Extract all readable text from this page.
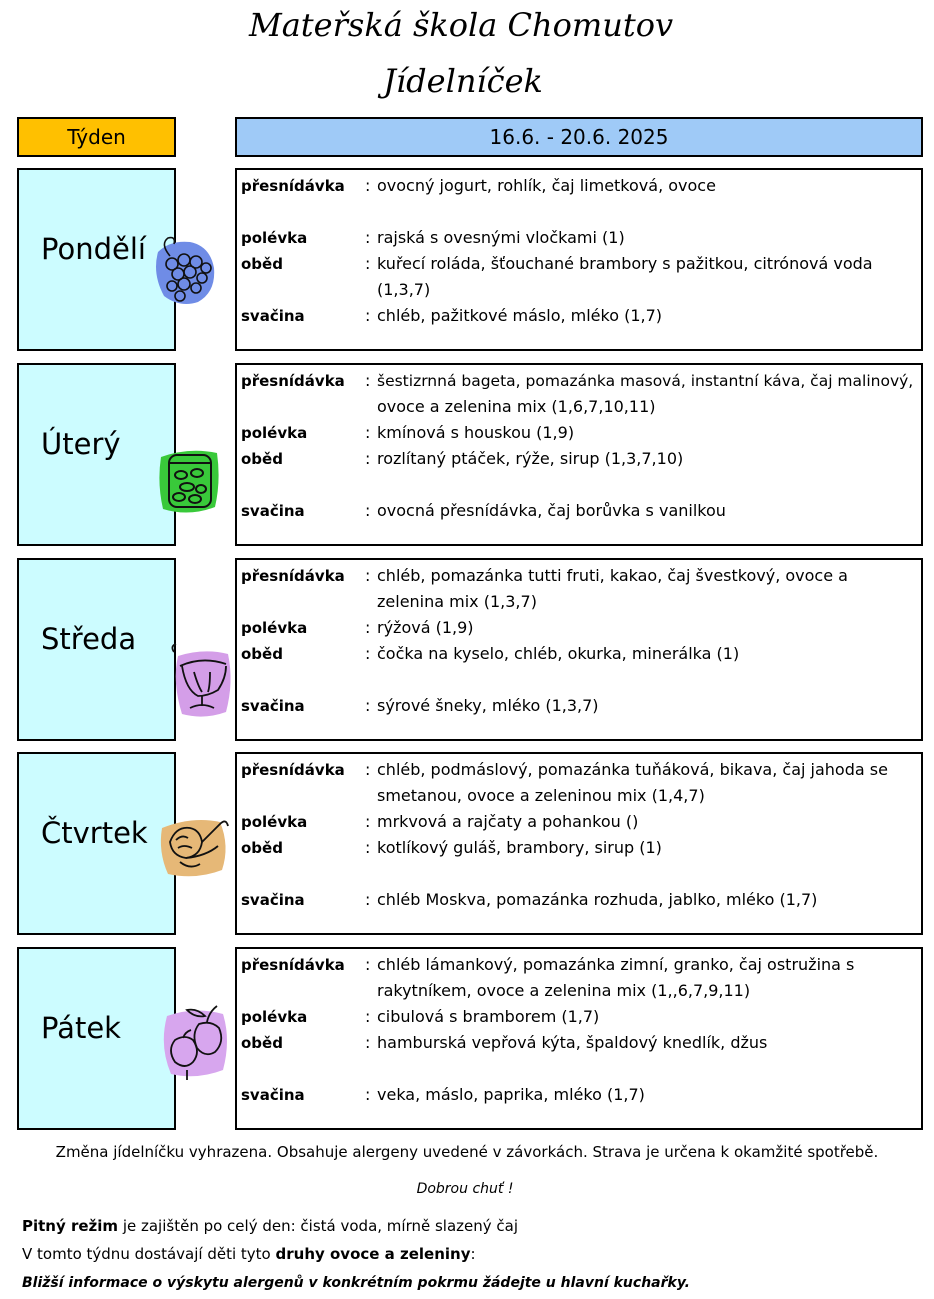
Mateřská škola Chomutov
Jídelníček
Týden	16.6. - 20.6. 2025
Pondělí
přesnídávka : ovocný jogurt, rohlík, čaj limetková, ovoce
polévka	: rajská s ovesnými vločkami (1)
oběd	: kuřecí roláda, šťouchané brambory s pažitkou, citrónová voda
(1,3,7)
svačina	: chléb, pažitkové máslo, mléko (1,7)
Úterý
přesnídávka : šestizrnná bageta, pomazánka masová, instantní káva, čaj malinový,
ovoce a zelenina mix (1,6,7,10,11)
polévka	: kmínová s houskou (1,9)
oběd	: rozlítaný ptáček, rýže, sirup (1,3,7,10)
svačina	: ovocná přesnídávka, čaj borůvka s vanilkou
Středa
přesnídávka : chléb, pomazánka tutti fruti, kakao, čaj švestkový, ovoce a
zelenina mix (1,3,7)
polévka	: rýžová (1,9)
oběd	: čočka na kyselo, chléb, okurka, minerálka (1)
svačina	: sýrové šneky, mléko (1,3,7)
Čtvrtek
přesnídávka : chléb, podmáslový, pomazánka tuňáková, bikava, čaj jahoda se
smetanou, ovoce a zeleninou mix (1,4,7)
polévka	: mrkvová a rajčaty a pohankou ()
oběd	: kotlíkový guláš, brambory, sirup (1)
svačina	: chléb Moskva, pomazánka rozhuda, jablko, mléko (1,7)
Pátek
přesnídávka : chléb lámankový, pomazánka zimní, granko, čaj ostružina s
rakytníkem, ovoce a zelenina mix (1,,6,7,9,11)
polévka	: cibulová s bramborem (1,7)
oběd	: hamburská vepřová kýta, špaldový knedlík, džus
svačina	: veka, máslo, paprika, mléko (1,7)
Změna jídelníčku vyhrazena. Obsahuje alergeny uvedené v závorkách. Strava je určena k okamžité spotřebě.
Dobrou chuť !
Pitný režim je zajištěn po celý den: čistá voda, mírně slazený čaj
V tomto týdnu dostávají děti tyto druhy ovoce a zeleniny:
Bližší informace o výskytu alergenů v konkrétním pokrmu žádejte u hlavní kuchařky.
